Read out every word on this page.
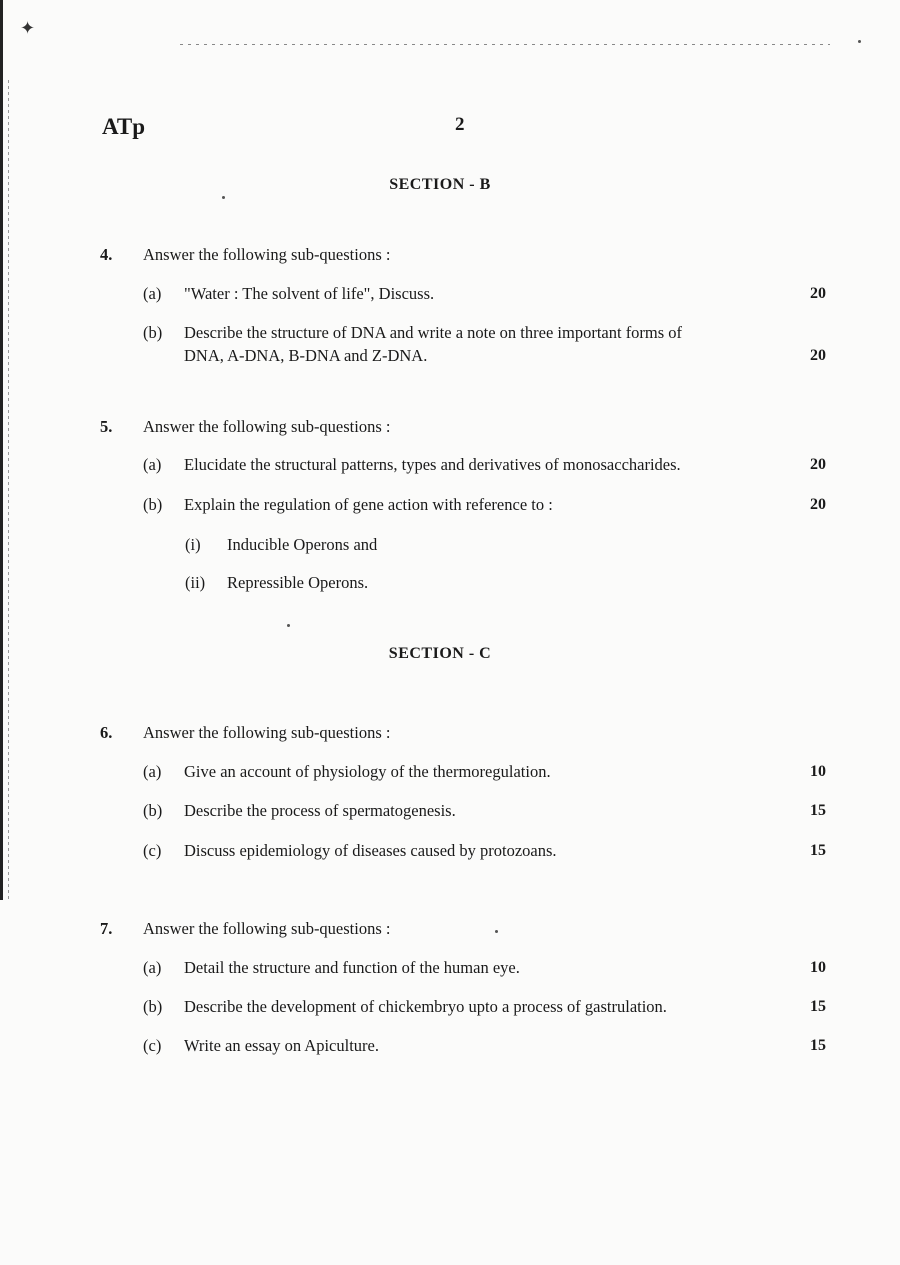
✦
ATp	2
SECTION - B
4. Answer the following sub-questions :
(a) "Water : The solvent of life", Discuss.	20
(b) Describe the structure of DNA and write a note on three important forms of
DNA, A-DNA, B-DNA and Z-DNA.	20
5. Answer the following sub-questions :
(a) Elucidate the structural patterns, types and derivatives of monosaccharides.	20
(b) Explain the regulation of gene action with reference to :	20
(i) Inducible Operons and
(ii) Repressible Operons.
SECTION - C
6. Answer the following sub-questions :
(a) Give an account of physiology of the thermoregulation.	10
(b) Describe the process of spermatogenesis.	15
(c) Discuss epidemiology of diseases caused by protozoans.	15
7. Answer the following sub-questions :
(a) Detail the structure and function of the human eye.	10
(b) Describe the development of chickembryo upto a process of gastrulation.	15
(c) Write an essay on Apiculture.	15
